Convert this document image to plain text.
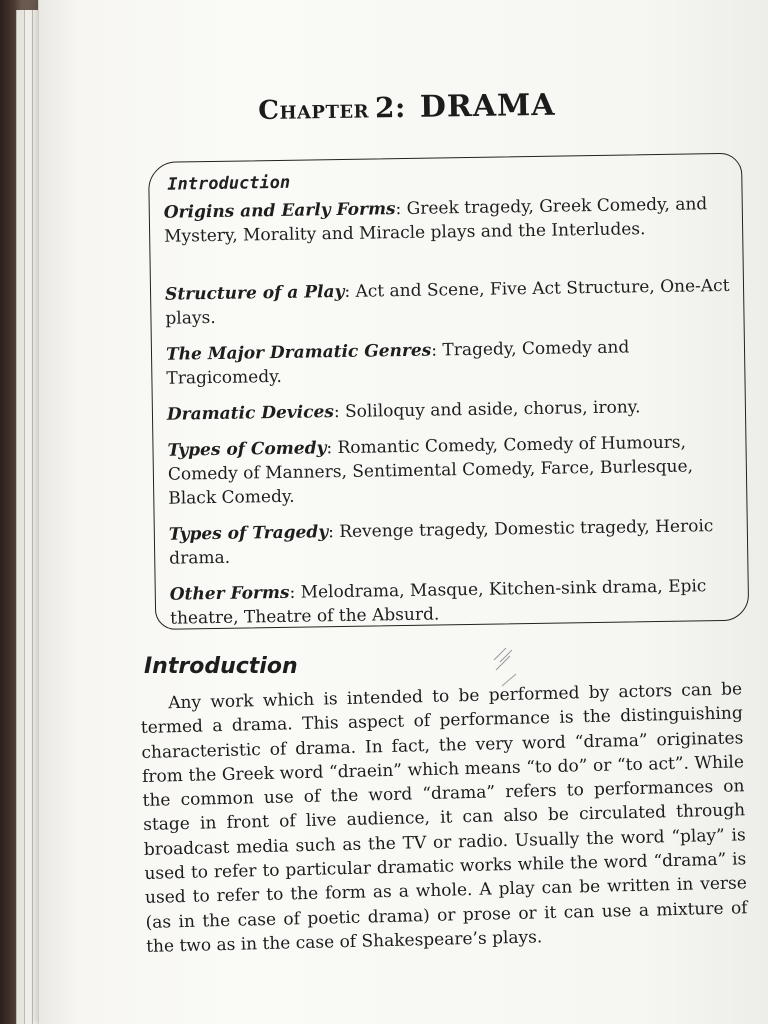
Chapter 2: DRAMA
Introduction
Origins and Early Forms: Greek tragedy, Greek Comedy, and Mystery, Morality and Miracle plays and the Interludes.
Structure of a Play: Act and Scene, Five Act Structure, One-Act plays.
The Major Dramatic Genres: Tragedy, Comedy and Tragicomedy.
Dramatic Devices: Soliloquy and aside, chorus, irony.
Types of Comedy: Romantic Comedy, Comedy of Humours, Comedy of Manners, Sentimental Comedy, Farce, Burlesque, Black Comedy.
Types of Tragedy: Revenge tragedy, Domestic tragedy, Heroic drama.
Other Forms: Melodrama, Masque, Kitchen-sink drama, Epic theatre, Theatre of the Absurd.
Introduction
Any work which is intended to be performed by actors can be termed a drama. This aspect of performance is the distinguishing characteristic of drama. In fact, the very word “drama” originates from the Greek word “draein” which means “to do” or “to act”. While the common use of the word “drama” refers to performances on stage in front of live audience, it can also be circulated through broadcast media such as the TV or radio. Usually the word “play” is used to refer to particular dramatic works while the word “drama” is used to refer to the form as a whole. A play can be written in verse (as in the case of poetic drama) or prose or it can use a mixture of the two as in the case of Shakespeare’s plays.
